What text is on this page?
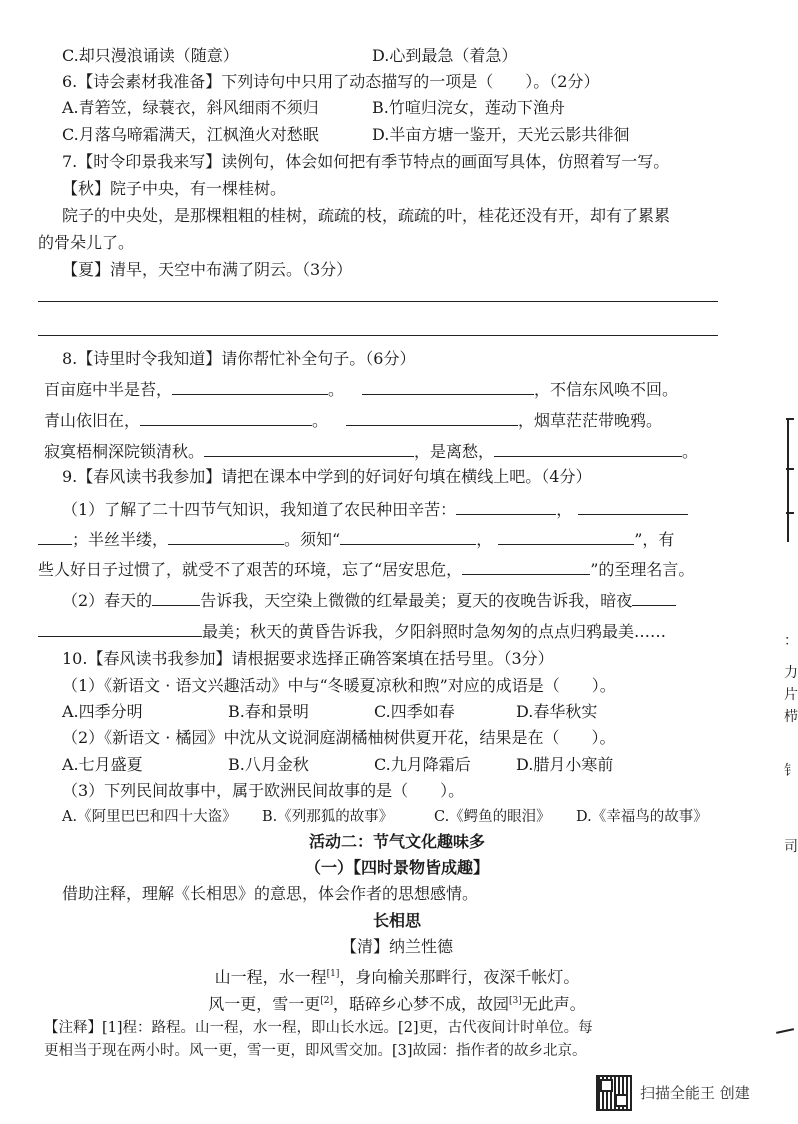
C.却只漫浪诵读（随意）	D.心到最急（着急）
6.【诗会素材我准备】下列诗句中只用了动态描写的一项是（　　）。（2分）
A.青箬笠，绿蓑衣，斜风细雨不须归	B.竹喧归浣女，莲动下渔舟
C.月落乌啼霜满天，江枫渔火对愁眠	D.半亩方塘一鉴开，天光云影共徘徊
7.【时令印景我来写】读例句，体会如何把有季节特点的画面写具体，仿照着写一写。
【秋】院子中央，有一棵桂树。
院子的中央处，是那棵粗粗的桂树，疏疏的枝，疏疏的叶，桂花还没有开，却有了累累
的骨朵儿了。
【夏】清早，天空中布满了阴云。（3分）
8.【诗里时令我知道】请你帮忙补全句子。（6分）
百亩庭中半是苔，	。	，不信东风唤不回。
青山依旧在，	。	，烟草茫茫带晚鸦。
寂寞梧桐深院锁清秋。	，是离愁，	。
9.【春风读书我参加】请把在课本中学到的好词好句填在横线上吧。（4分）
（1）了解了二十四节气知识，我知道了农民种田辛苦：	，
；半丝半缕，	。须知“	，	”，有
些人好日子过惯了，就受不了艰苦的环境，忘了“居安思危，	”的至理名言。
（2）春天的	告诉我，天空染上微微的红晕最美；夏天的夜晚告诉我，暗夜
最美；秋天的黄昏告诉我，夕阳斜照时急匆匆的点点归鸦最美……
10.【春风读书我参加】请根据要求选择正确答案填在括号里。（3分）
（1）《新语文 · 语文兴趣活动》中与“冬暖夏凉秋和煦”对应的成语是（　　）。
A.四季分明	B.春和景明	C.四季如春	D.春华秋实
（2）《新语文 · 橘园》中沈从文说洞庭湖橘柚树供夏开花，结果是在（　　）。
A.七月盛夏	B.八月金秋	C.九月降霜后	D.腊月小寒前
（3）下列民间故事中，属于欧洲民间故事的是（　　）。
A.《阿里巴巴和四十大盗》 B.《列那狐的故事》	C.《鳄鱼的眼泪》 D.《幸福鸟的故事》
活动二：节气文化趣味多
（一）【四时景物皆成趣】
借助注释，理解《长相思》的意思，体会作者的思想感情。
长相思
【清】纳兰性德
山一程，水一程[1]，身向榆关那畔行，夜深千帐灯。
风一更，雪一更[2]，聒碎乡心梦不成，故园[3]无此声。
【注释】[1]程：路程。山一程，水一程，即山长水远。[2]更，古代夜间计时单位。每
更相当于现在两小时。风一更，雪一更，即风雪交加。[3]故园：指作者的故乡北京。
：
力
片
栉
钅
司
扫描全能王 创建
